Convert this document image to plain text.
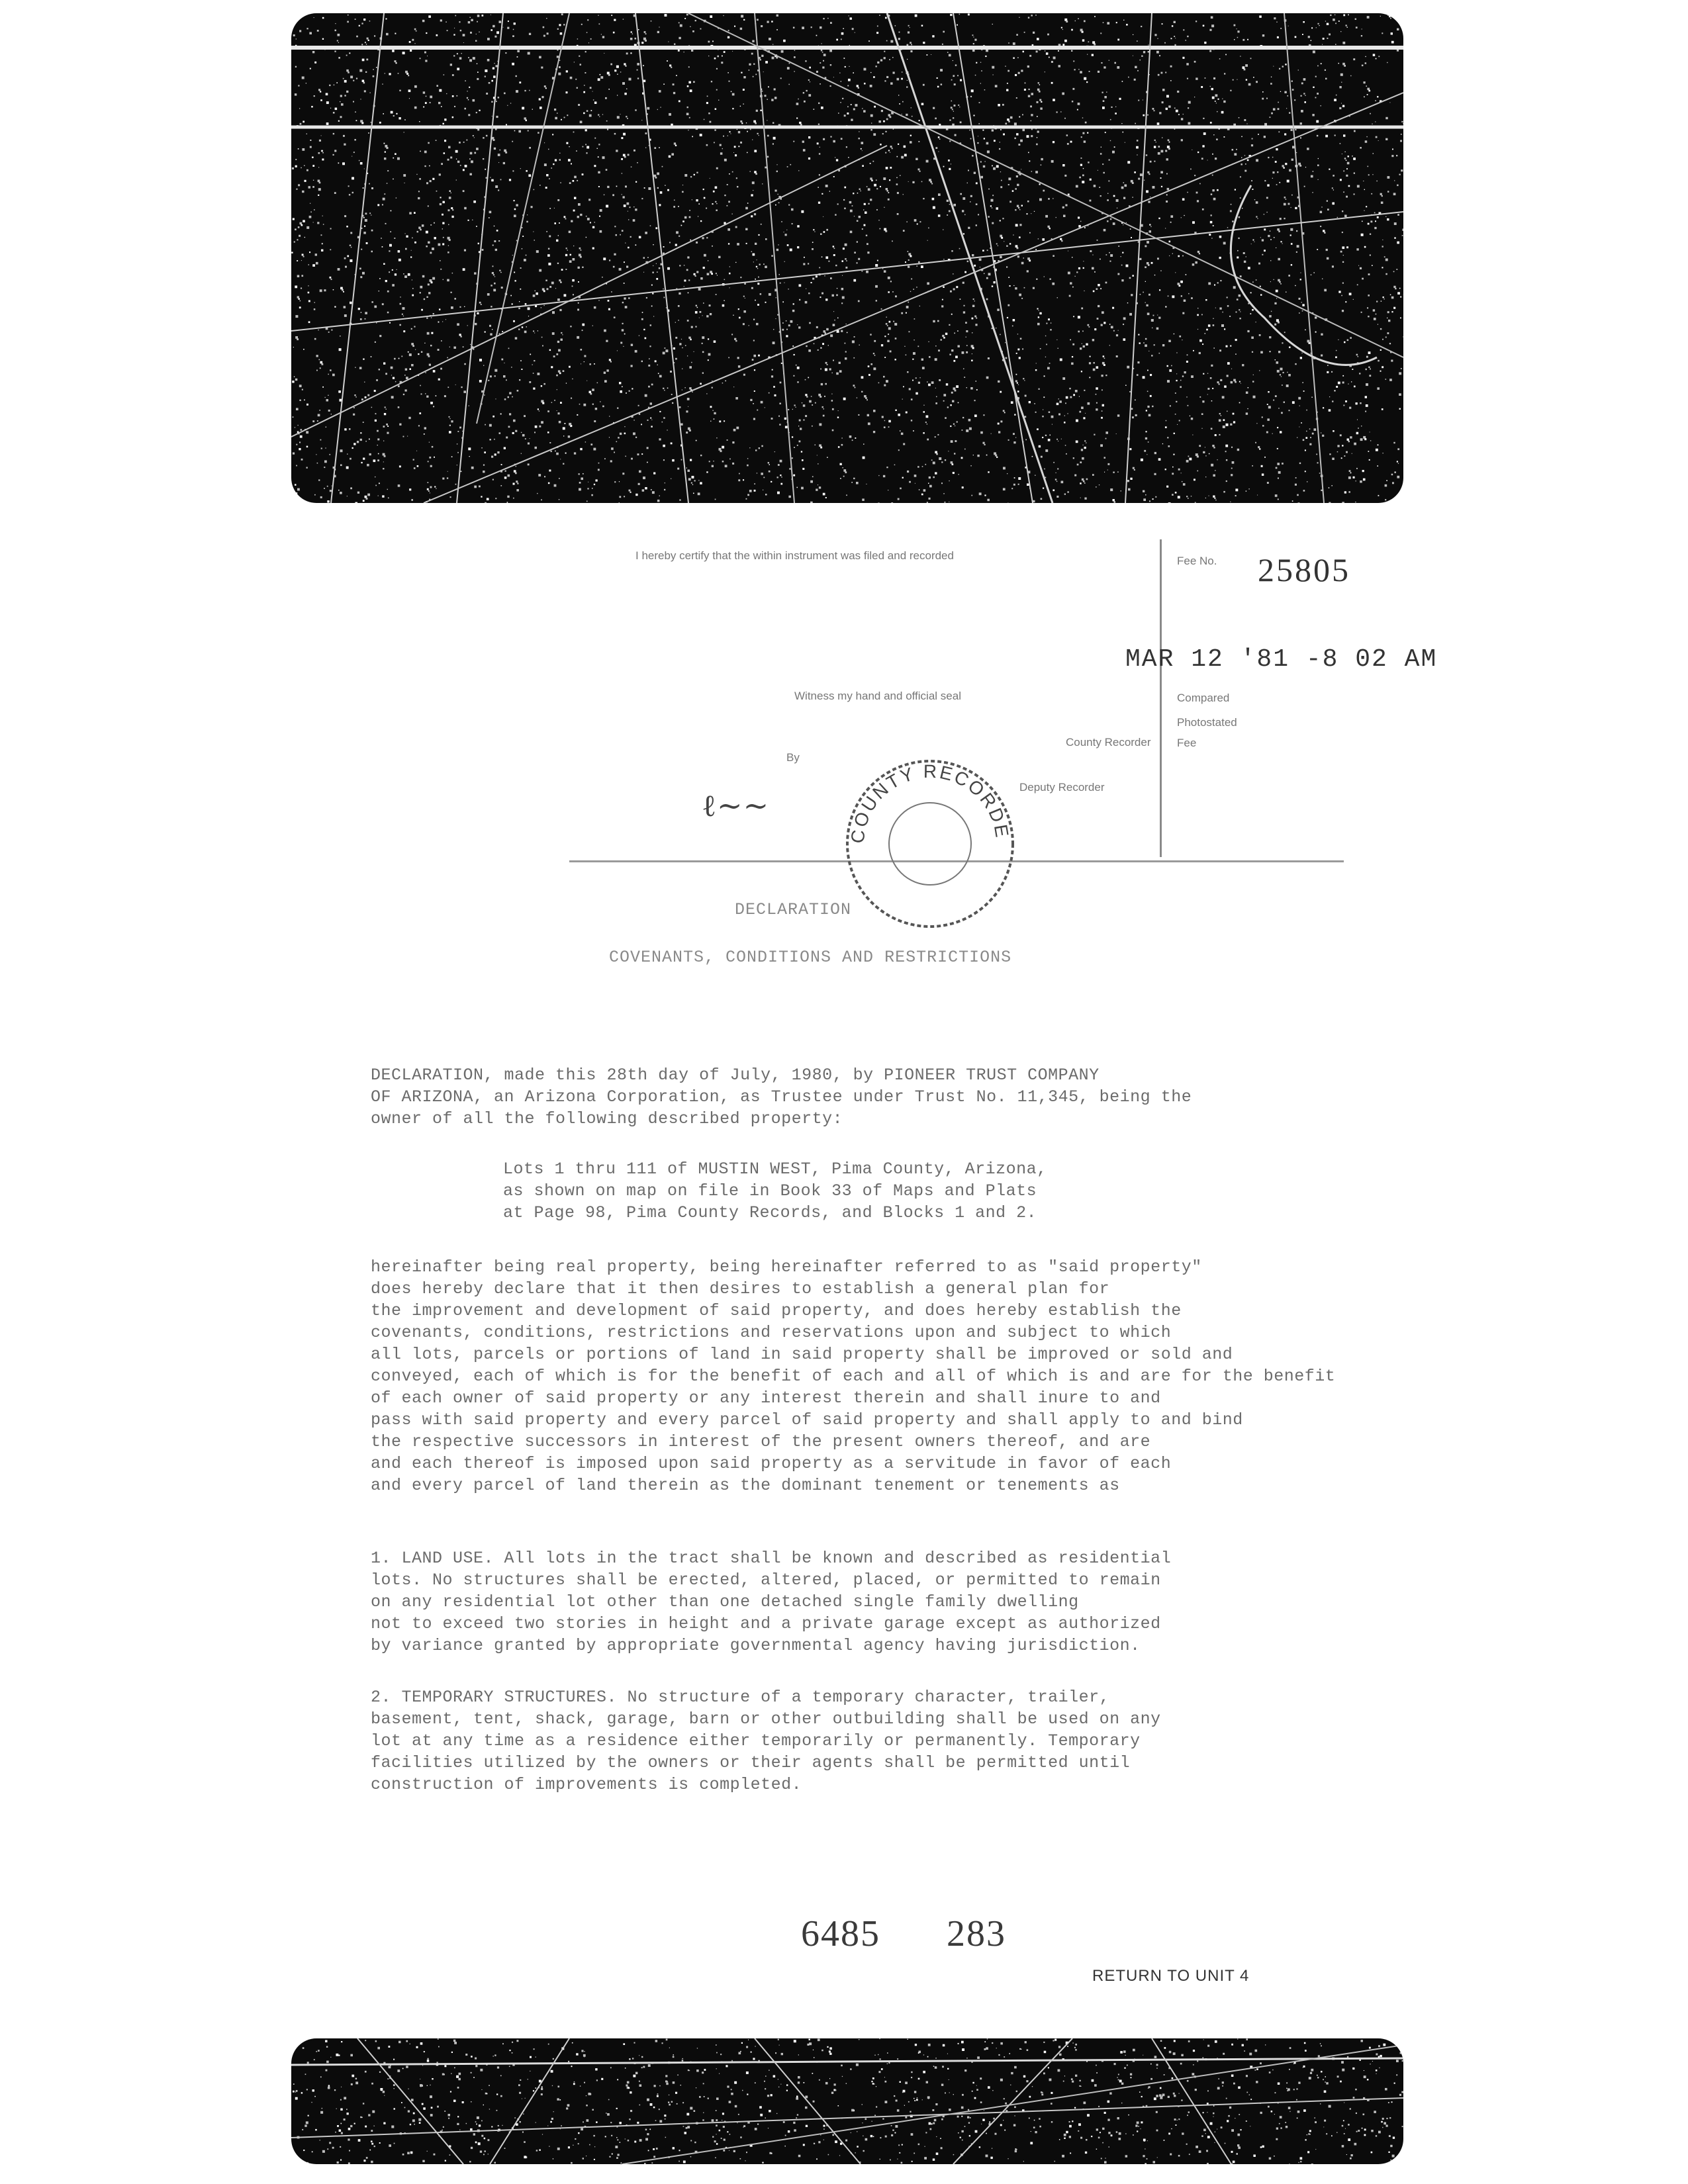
I hereby certify that the within instrument was filed and recorded
Witness my hand and official seal
County Recorder
By
Deputy Recorder
ℓ~~
Fee No. 25805
MAR 12 '81 -8 02 AM
Compared
Photostated
Fee
COUNTY RECORDE
DECLARATION
COVENANTS, CONDITIONS AND RESTRICTIONS
DECLARATION, made this 28th day of July, 1980, by PIONEER TRUST COMPANY
OF ARIZONA, an Arizona Corporation, as Trustee under Trust No. 11,345, being the
owner of all the following described property:
Lots 1 thru 111 of MUSTIN WEST, Pima County, Arizona,
as shown on map on file in Book 33 of Maps and Plats
at Page 98, Pima County Records, and Blocks 1 and 2.
hereinafter being real property, being hereinafter referred to as "said property"
does hereby declare that it then desires to establish a general plan for
the improvement and development of said property, and does hereby establish the
covenants, conditions, restrictions and reservations upon and subject to which
all lots, parcels or portions of land in said property shall be improved or sold and
conveyed, each of which is for the benefit of each and all of which is and are for the benefit
of each owner of said property or any interest therein and shall inure to and
pass with said property and every parcel of said property and shall apply to and bind
the respective successors in interest of the present owners thereof, and are
and each thereof is imposed upon said property as a servitude in favor of each
and every parcel of land therein as the dominant tenement or tenements as
1. LAND USE. All lots in the tract shall be known and described as residential
lots. No structures shall be erected, altered, placed, or permitted to remain
on any residential lot other than one detached single family dwelling
not to exceed two stories in height and a private garage except as authorized
by variance granted by appropriate governmental agency having jurisdiction.
2. TEMPORARY STRUCTURES. No structure of a temporary character, trailer,
basement, tent, shack, garage, barn or other outbuilding shall be used on any
lot at any time as a residence either temporarily or permanently. Temporary
facilities utilized by the owners or their agents shall be permitted until
construction of improvements is completed.
6485 283
RETURN TO UNIT 4
